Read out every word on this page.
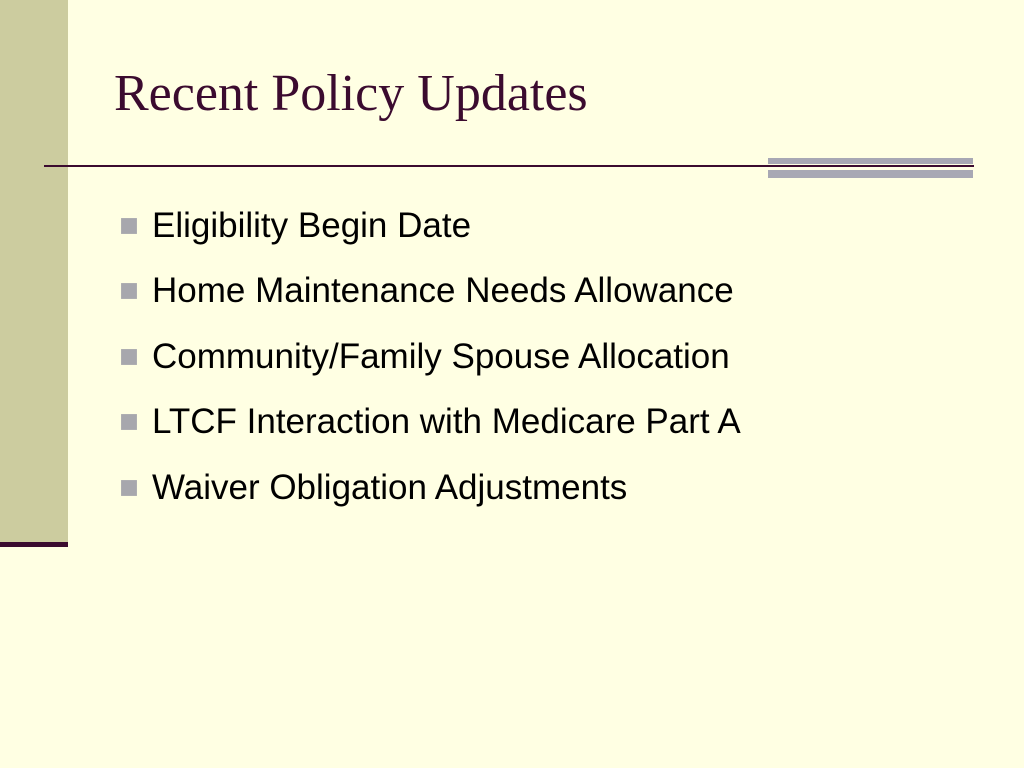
Recent Policy Updates
Eligibility Begin Date
Home Maintenance Needs Allowance
Community/Family Spouse Allocation
LTCF Interaction with Medicare Part A
Waiver Obligation Adjustments
